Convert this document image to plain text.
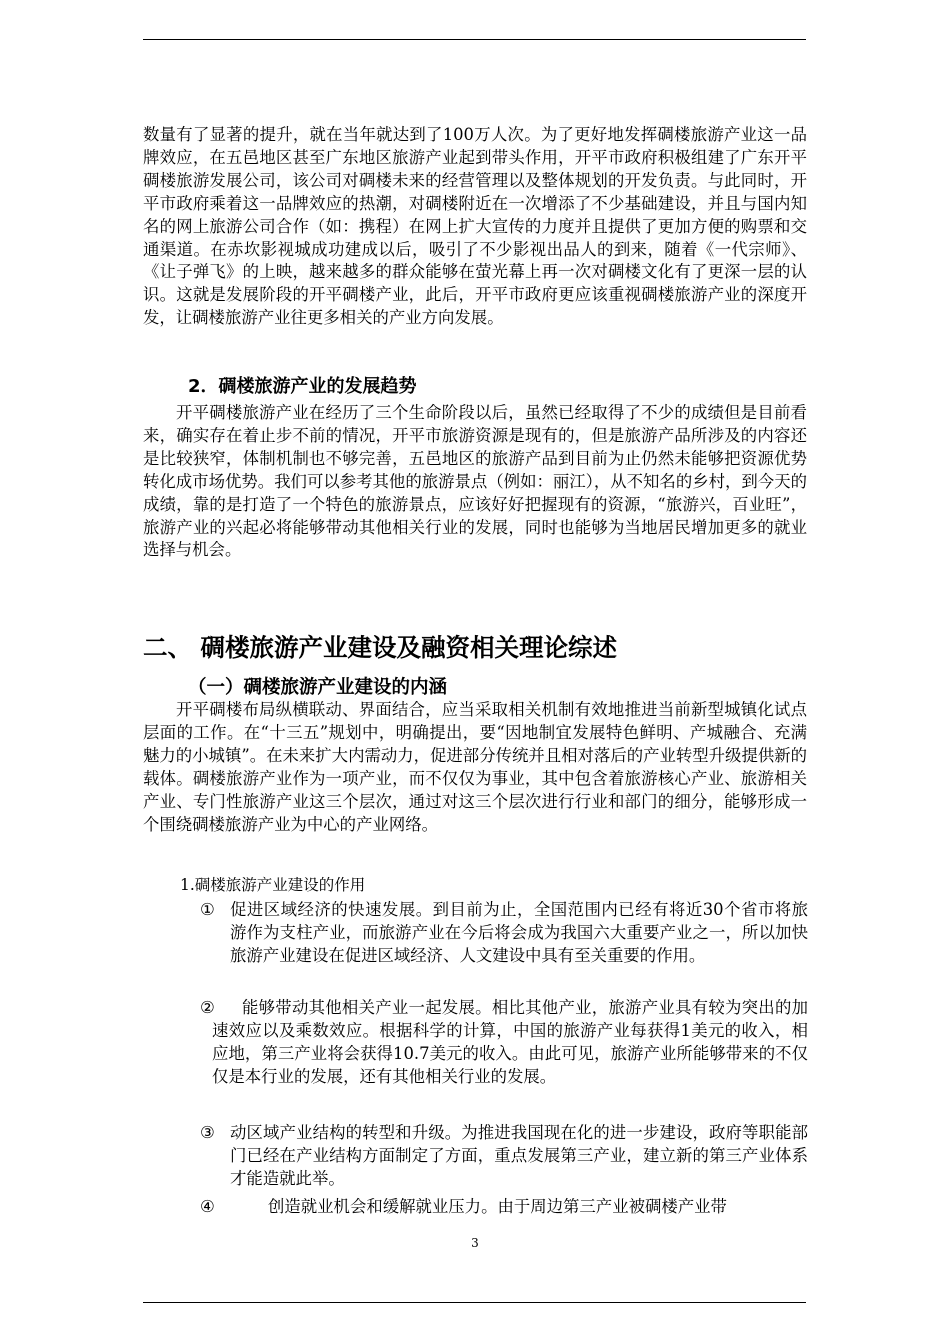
数量有了显著的提升，就在当年就达到了100万人次。为了更好地发挥碉楼旅游产业这一品牌效应，在五邑地区甚至广东地区旅游产业起到带头作用，开平市政府积极组建了广东开平碉楼旅游发展公司，该公司对碉楼未来的经营管理以及整体规划的开发负责。与此同时，开平市政府乘着这一品牌效应的热潮，对碉楼附近在一次增添了不少基础建设，并且与国内知名的网上旅游公司合作（如：携程）在网上扩大宣传的力度并且提供了更加方便的购票和交通渠道。在赤坎影视城成功建成以后，吸引了不少影视出品人的到来，随着《一代宗师》、《让子弹飞》的上映，越来越多的群众能够在萤光幕上再一次对碉楼文化有了更深一层的认识。这就是发展阶段的开平碉楼产业，此后，开平市政府更应该重视碉楼旅游产业的深度开发，让碉楼旅游产业往更多相关的产业方向发展。

2．碉楼旅游产业的发展趋势

开平碉楼旅游产业在经历了三个生命阶段以后，虽然已经取得了不少的成绩但是目前看来，确实存在着止步不前的情况，开平市旅游资源是现有的，但是旅游产品所涉及的内容还是比较狭窄，体制机制也不够完善，五邑地区的旅游产品到目前为止仍然未能够把资源优势转化成市场优势。我们可以参考其他的旅游景点（例如：丽江），从不知名的乡村，到今天的成绩，靠的是打造了一个特色的旅游景点，应该好好把握现有的资源，“旅游兴，百业旺”，旅游产业的兴起必将能够带动其他相关行业的发展，同时也能够为当地居民增加更多的就业选择与机会。

二、 碉楼旅游产业建设及融资相关理论综述
（一）碉楼旅游产业建设的内涵

开平碉楼布局纵横联动、界面结合，应当采取相关机制有效地推进当前新型城镇化试点层面的工作。在“十三五”规划中，明确提出，要“因地制宜发展特色鲜明、产城融合、充满魅力的小城镇”。在未来扩大内需动力，促进部分传统并且相对落后的产业转型升级提供新的载体。碉楼旅游产业作为一项产业，而不仅仅为事业，其中包含着旅游核心产业、旅游相关产业、专门性旅游产业这三个层次，通过对这三个层次进行行业和部门的细分，能够形成一个围绕碉楼旅游产业为中心的产业网络。

1.碉楼旅游产业建设的作用

① 促进区域经济的快速发展。到目前为止，全国范围内已经有将近30个省市将旅游作为支柱产业，而旅游产业在今后将会成为我国六大重要产业之一，所以加快旅游产业建设在促进区域经济、人文建设中具有至关重要的作用。
②	能够带动其他相关产业一起发展。相比其他产业，旅游产业具有较为突出的加速效应以及乘数效应。根据科学的计算，中国的旅游产业每获得1美元的收入，相应地，第三产业将会获得10.7美元的收入。由此可见，旅游产业所能够带来的不仅仅是本行业的发展，还有其他相关行业的发展。
③ 动区域产业结构的转型和升级。为推进我国现在化的进一步建设，政府等职能部门已经在产业结构方面制定了方面，重点发展第三产业，建立新的第三产业体系才能造就此举。
④	创造就业机会和缓解就业压力。由于周边第三产业被碉楼产业带
3
